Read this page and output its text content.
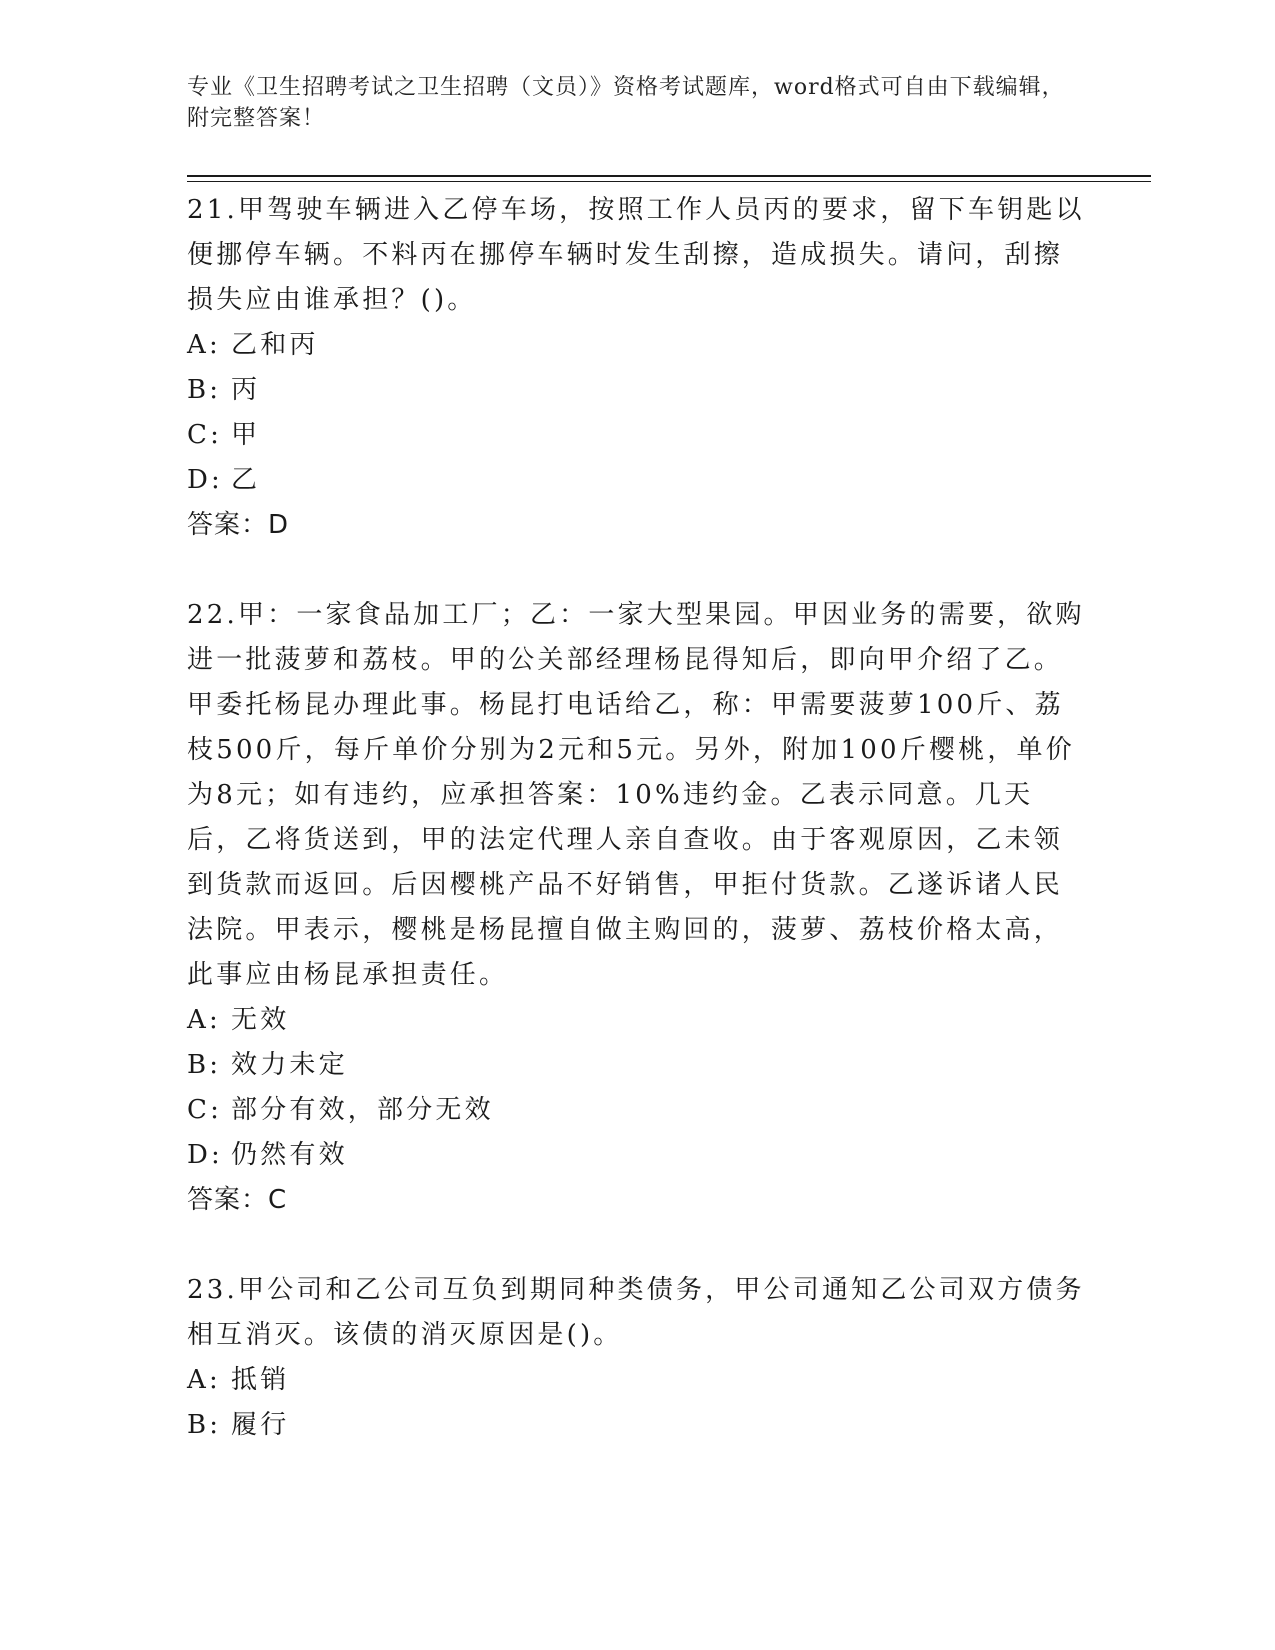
专业《卫生招聘考试之卫生招聘（文员）》资格考试题库，word格式可自由下载编辑，附完整答案！

21.甲驾驶车辆进入乙停车场，按照工作人员丙的要求，留下车钥匙以便挪停车辆。不料丙在挪停车辆时发生刮擦，造成损失。请问，刮擦损失应由谁承担？()。

A: 乙和丙

B: 丙

C: 甲

D: 乙

答案：D

22.甲：一家食品加工厂；乙：一家大型果园。甲因业务的需要，欲购进一批菠萝和荔枝。甲的公关部经理杨昆得知后，即向甲介绍了乙。甲委托杨昆办理此事。杨昆打电话给乙，称：甲需要菠萝100斤、荔枝500斤，每斤单价分别为2元和5元。另外，附加100斤樱桃，单价为8元；如有违约，应承担答案：10%违约金。乙表示同意。几天后，乙将货送到，甲的法定代理人亲自查收。由于客观原因，乙未领到货款而返回。后因樱桃产品不好销售，甲拒付货款。乙遂诉诸人民法院。甲表示，樱桃是杨昆擅自做主购回的，菠萝、荔枝价格太高，此事应由杨昆承担责任。

A: 无效

B: 效力未定

C: 部分有效，部分无效

D: 仍然有效

答案：C

23.甲公司和乙公司互负到期同种类债务，甲公司通知乙公司双方债务相互消灭。该债的消灭原因是()。

A: 抵销

B: 履行
